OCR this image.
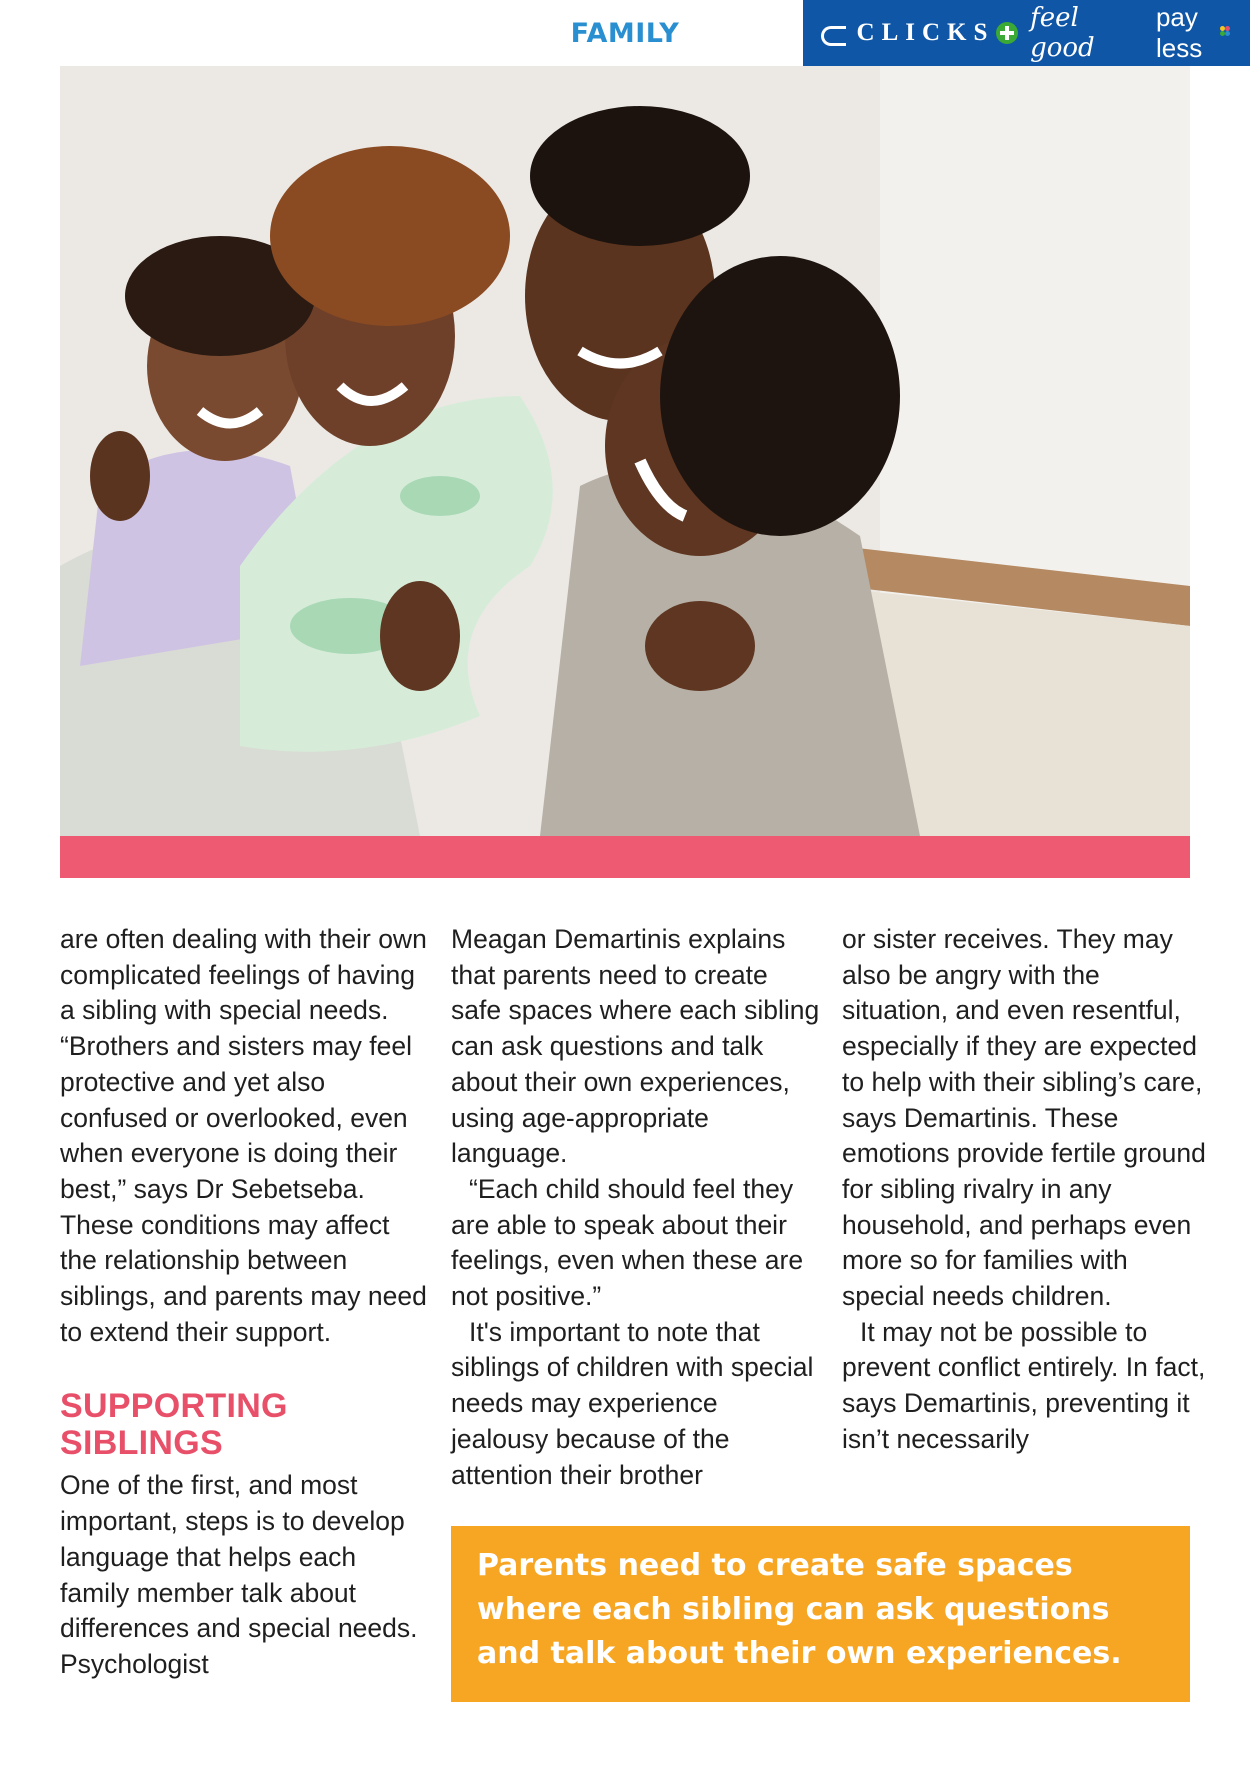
FAMILY	CLICKS feel good
pay less

are often dealing with their own complicated feelings of having a sibling with special needs. “Brothers and sisters may feel protective and yet also confused or overlooked, even when everyone is doing their best,” says Dr Sebetseba. These conditions may affect the relationship between siblings, and parents may need to extend their support.

SUPPORTING SIBLINGS

One of the first, and most important, steps is to develop language that helps each family member talk about differences and special needs. Psychologist

Meagan Demartinis explains that parents need to create safe spaces where each sibling can ask questions and talk about their own experiences, using age-appropriate language.

“Each child should feel they are able to speak about their feelings, even when these are not positive.”

It's important to note that siblings of children with special needs may experience jealousy because of the attention their brother

or sister receives. They may also be angry with the situation, and even resentful, especially if they are expected to help with their sibling’s care, says Demartinis. These emotions provide fertile ground for sibling rivalry in any household, and perhaps even more so for families with special needs children.

It may not be possible to prevent conflict entirely. In fact, says Demartinis, preventing it isn’t necessarily

Parents need to create safe spaces where each sibling can ask questions and talk about their own experiences.
